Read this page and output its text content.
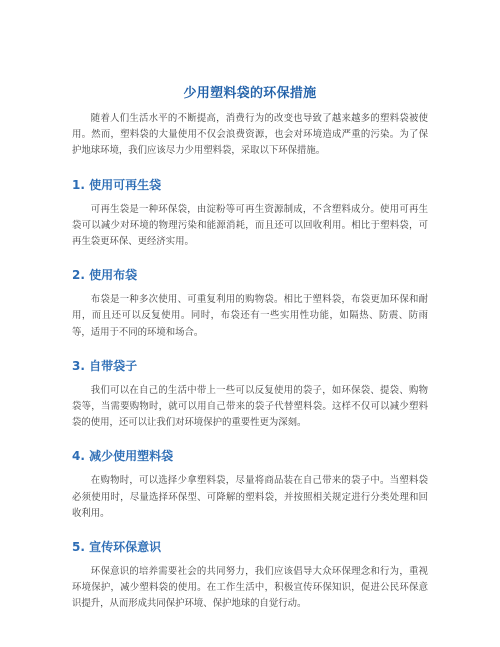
少用塑料袋的环保措施

随着人们生活水平的不断提高，消费行为的改变也导致了越来越多的塑料袋被使用。然而，塑料袋的大量使用不仅会浪费资源，也会对环境造成严重的污染。为了保护地球环境，我们应该尽力少用塑料袋，采取以下环保措施。

1. 使用可再生袋

可再生袋是一种环保袋，由淀粉等可再生资源制成，不含塑料成分。使用可再生袋可以减少对环境的物理污染和能源消耗，而且还可以回收利用。相比于塑料袋，可再生袋更环保、更经济实用。

2. 使用布袋

布袋是一种多次使用、可重复利用的购物袋。相比于塑料袋，布袋更加环保和耐用，而且还可以反复使用。同时，布袋还有一些实用性功能，如隔热、防震、防雨等，适用于不同的环境和场合。

3. 自带袋子

我们可以在自己的生活中带上一些可以反复使用的袋子，如环保袋、提袋、购物袋等，当需要购物时，就可以用自己带来的袋子代替塑料袋。这样不仅可以减少塑料袋的使用，还可以让我们对环境保护的重要性更为深刻。

4. 减少使用塑料袋

在购物时，可以选择少拿塑料袋，尽量将商品装在自己带来的袋子中。当塑料袋必须使用时，尽量选择环保型、可降解的塑料袋，并按照相关规定进行分类处理和回收利用。

5. 宣传环保意识

环保意识的培养需要社会的共同努力，我们应该倡导大众环保理念和行为，重视环境保护，减少塑料袋的使用。在工作生活中，积极宣传环保知识，促进公民环保意识提升，从而形成共同保护环境、保护地球的自觉行动。
